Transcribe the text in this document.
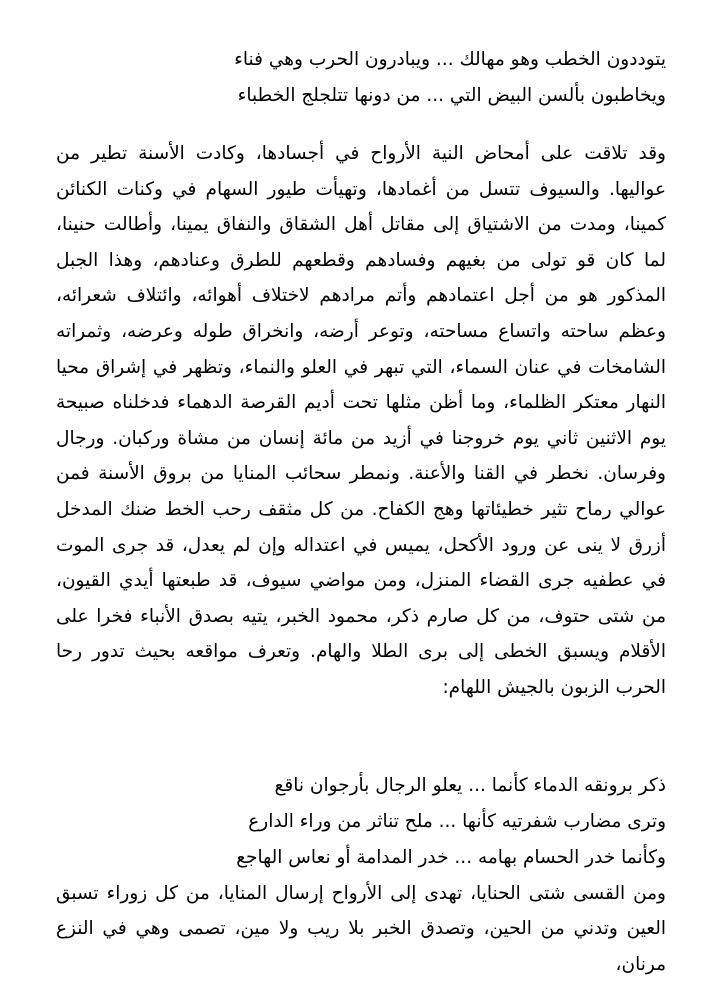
يتوددون الخطب وهو مهالك ... ويبادرون الحرب وهي فناء
ويخاطبون بألسن البيض التي ... من دونها تتلجلج الخطباء
وقد تلاقت على أمحاض النية الأرواح في أجسادها، وكادت الأسنة تطير من عواليها. والسيوف تتسل من أغمادها، وتهيأت طيور السهام في وكنات الكنائن كمينا، ومدت من الاشتياق إلى مقاتل أهل الشقاق والنفاق يمينا، وأطالت حنينا، لما كان قو تولى من بغيهم وفسادهم وقطعهم للطرق وعنادهم، وهذا الجبل المذكور هو من أجل اعتمادهم وأتم مرادهم لاختلاف أهوائه، وائتلاف شعرائه، وعظم ساحته واتساع مساحته، وتوعر أرضه، وانخراق طوله وعرضه، وثمراته الشامخات في عنان السماء، التي تبهر في العلو والنماء، وتظهر في إشراق محيا النهار معتكر الظلماء، وما أظن مثلها تحت أديم القرصة الدهماء فدخلناه صبيحة يوم الاثنين ثاني يوم خروجنا في أزيد من مائة إنسان من مشاة وركبان. ورجال وفرسان. نخطر في القنا والأعنة. ونمطر سحائب المنايا من بروق الأسنة فمن عوالي رماح تثير خطيئاتها وهج الكفاح. من كل مثقف رحب الخط ضنك المدخل أزرق لا ينى عن ورود الأكحل، يميس في اعتداله وإن لم يعدل، قد جرى الموت في عطفيه جرى القضاء المنزل، ومن مواضي سيوف، قد طبعتها أيدي القيون، من شتى حتوف، من كل صارم ذكر، محمود الخبر، يتيه بصدق الأنباء فخرا على الأقلام ويسبق الخطى إلى برى الطلا والهام. وتعرف مواقعه بحيث تدور رحا الحرب الزبون بالجيش اللهام:
ذكر برونقه الدماء كأنما ... يعلو الرجال بأرجوان ناقع
وترى مضارب شفرتيه كأنها ... ملح تناثر من وراء الدارع
وكأنما خدر الحسام بهامه ... خدر المدامة أو نعاس الهاجع
ومن القسى شتى الحنايا، تهدى إلى الأرواح إرسال المنايا، من كل زوراء تسبق العين وتدني من الحين، وتصدق الخبر بلا ريب ولا مين، تصمى وهي في النزع مرنان،
